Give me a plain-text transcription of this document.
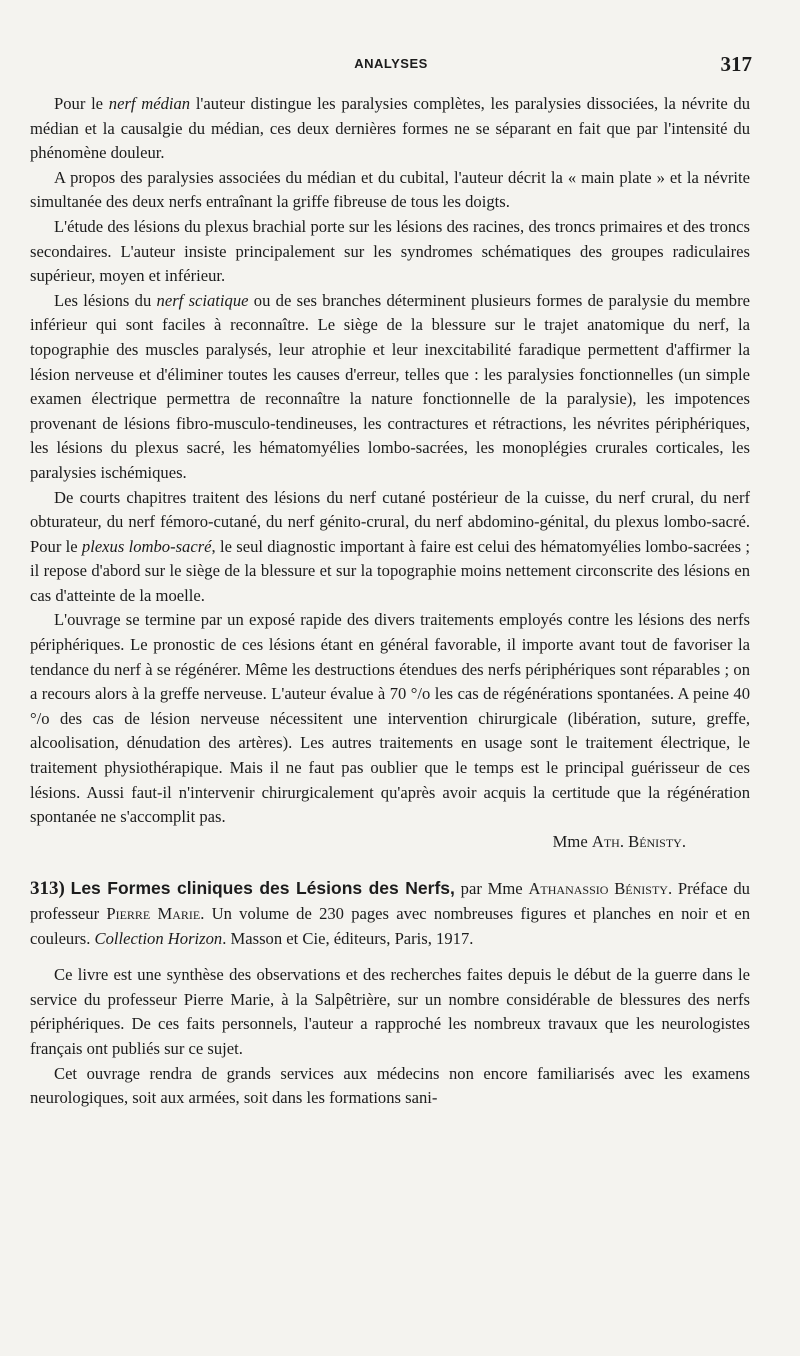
ANALYSES	317

Pour le nerf médian l'auteur distingue les paralysies complètes, les paralysies dissociées, la névrite du médian et la causalgie du médian, ces deux dernières formes ne se séparant en fait que par l'intensité du phénomène douleur.

A propos des paralysies associées du médian et du cubital, l'auteur décrit la « main plate » et la névrite simultanée des deux nerfs entraînant la griffe fibreuse de tous les doigts.

L'étude des lésions du plexus brachial porte sur les lésions des racines, des troncs primaires et des troncs secondaires. L'auteur insiste principalement sur les syndromes schématiques des groupes radiculaires supérieur, moyen et inférieur.

Les lésions du nerf sciatique ou de ses branches déterminent plusieurs formes de paralysie du membre inférieur qui sont faciles à reconnaître. Le siège de la blessure sur le trajet anatomique du nerf, la topographie des muscles paralysés, leur atrophie et leur inexcitabilité faradique permettent d'affirmer la lésion nerveuse et d'éliminer toutes les causes d'erreur, telles que : les paralysies fonctionnelles (un simple examen électrique permettra de reconnaître la nature fonctionnelle de la paralysie), les impotences provenant de lésions fibro-musculo-tendineuses, les contractures et rétractions, les névrites périphériques, les lésions du plexus sacré, les hématomyélies lombo-sacrées, les monoplégies crurales corticales, les paralysies ischémiques.

De courts chapitres traitent des lésions du nerf cutané postérieur de la cuisse, du nerf crural, du nerf obturateur, du nerf fémoro-cutané, du nerf génito-crural, du nerf abdomino-génital, du plexus lombo-sacré. Pour le plexus lombo-sacré, le seul diagnostic important à faire est celui des hématomyélies lombo-sacrées ; il repose d'abord sur le siège de la blessure et sur la topographie moins nettement circonscrite des lésions en cas d'atteinte de la moelle.

L'ouvrage se termine par un exposé rapide des divers traitements employés contre les lésions des nerfs périphériques. Le pronostic de ces lésions étant en général favorable, il importe avant tout de favoriser la tendance du nerf à se régénérer. Même les destructions étendues des nerfs périphériques sont réparables ; on a recours alors à la greffe nerveuse. L'auteur évalue à 70 °/o les cas de régénérations spontanées. A peine 40 °/o des cas de lésion nerveuse nécessitent une intervention chirurgicale (libération, suture, greffe, alcoolisation, dénudation des artères). Les autres traitements en usage sont le traitement électrique, le traitement physiothérapique. Mais il ne faut pas oublier que le temps est le principal guérisseur de ces lésions. Aussi faut-il n'intervenir chirurgicalement qu'après avoir acquis la certitude que la régénération spontanée ne s'accomplit pas.

Mme Ath. Bénisty.

313) Les Formes cliniques des Lésions des Nerfs, par Mme Athanassio Bénisty. Préface du professeur Pierre Marie. Un volume de 230 pages avec nombreuses figures et planches en noir et en couleurs. Collection Horizon. Masson et Cie, éditeurs, Paris, 1917.

Ce livre est une synthèse des observations et des recherches faites depuis le début de la guerre dans le service du professeur Pierre Marie, à la Salpêtrière, sur un nombre considérable de blessures des nerfs périphériques. De ces faits personnels, l'auteur a rapproché les nombreux travaux que les neurologistes français ont publiés sur ce sujet.

Cet ouvrage rendra de grands services aux médecins non encore familiarisés avec les examens neurologiques, soit aux armées, soit dans les formations sani-
